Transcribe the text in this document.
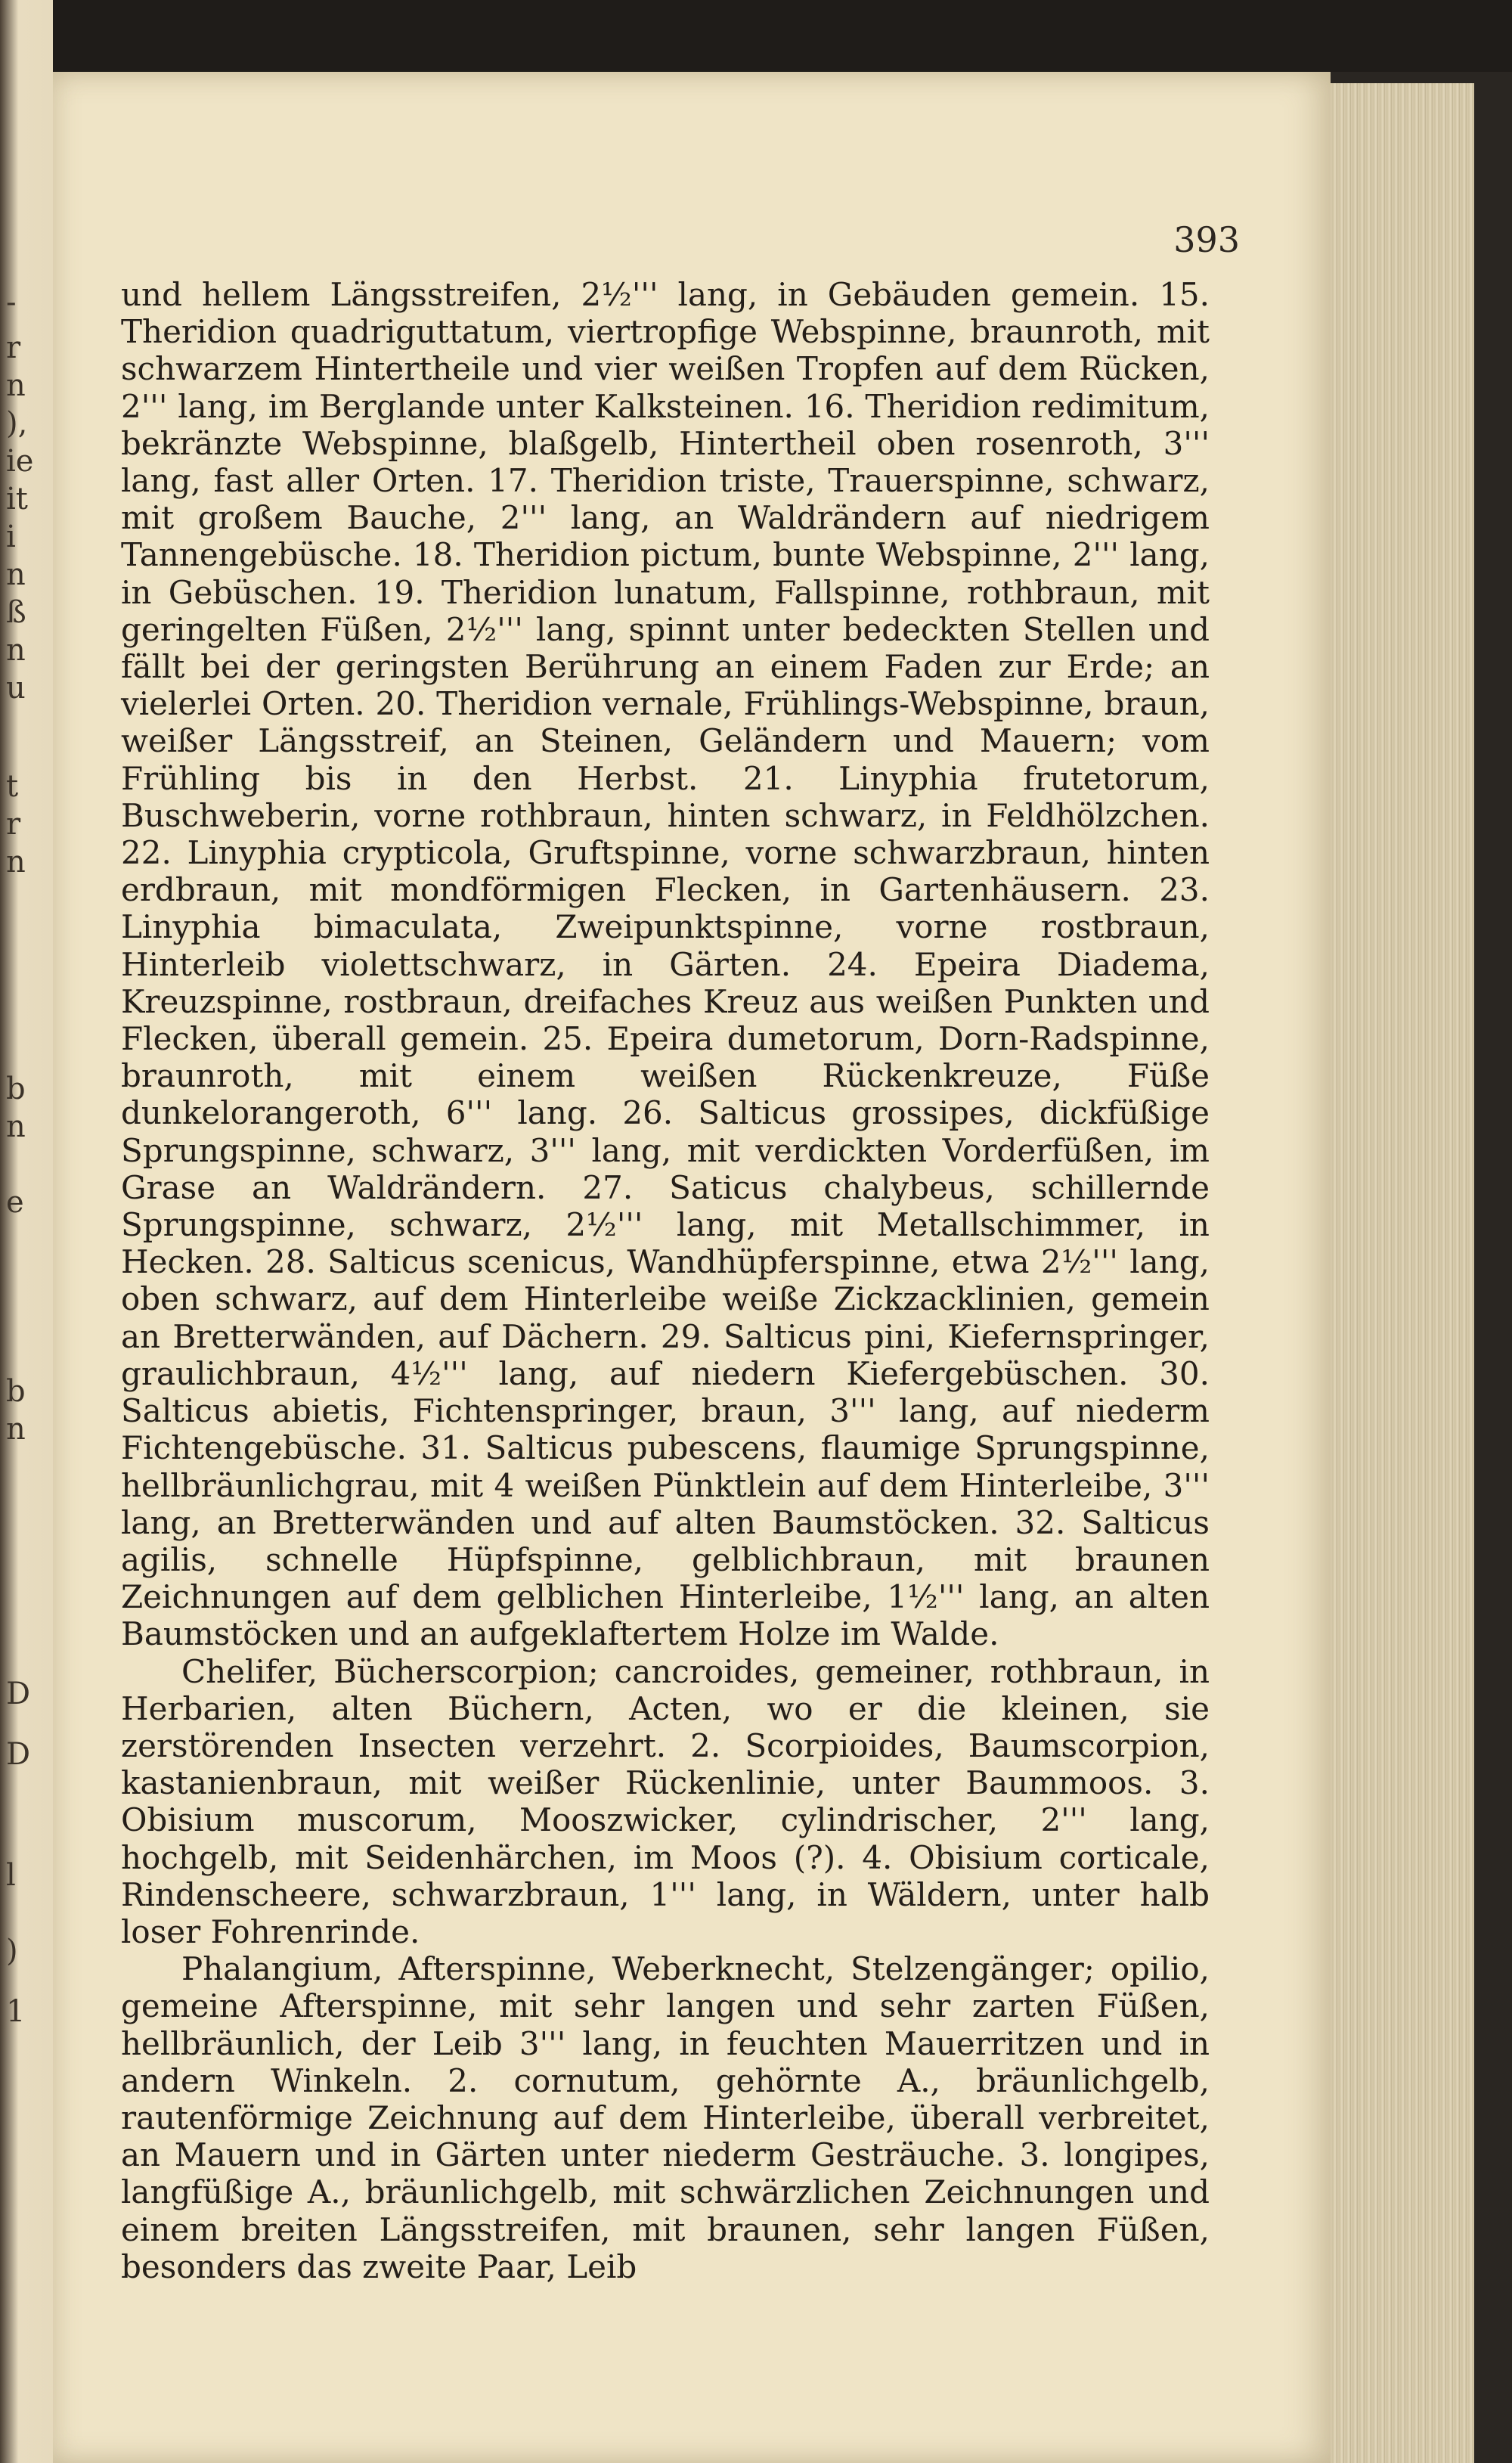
-
r
n
),
ie
it
i
n
ß
n
u
t
r
n
b
n
e
b
n
D
D
l
)
1
393

und hellem Längsstreifen, 2½''' lang, in Gebäuden gemein. 15. Theridion quadriguttatum, viertropfige Webspinne, braunroth, mit schwarzem Hintertheile und vier weißen Tropfen auf dem Rücken, 2''' lang, im Berglande unter Kalksteinen. 16. Theridion redimitum, bekränzte Webspinne, blaßgelb, Hintertheil oben rosenroth, 3''' lang, fast aller Orten. 17. Theridion triste, Trauerspinne, schwarz, mit großem Bauche, 2''' lang, an Waldrändern auf niedrigem Tannengebüsche. 18. Theridion pictum, bunte Webspinne, 2''' lang, in Gebüschen. 19. Theridion lunatum, Fallspinne, rothbraun, mit geringelten Füßen, 2½''' lang, spinnt unter bedeckten Stellen und fällt bei der geringsten Berührung an einem Faden zur Erde; an vielerlei Orten. 20. Theridion vernale, Frühlings-Webspinne, braun, weißer Längsstreif, an Steinen, Geländern und Mauern; vom Frühling bis in den Herbst. 21. Linyphia frutetorum, Buschweberin, vorne rothbraun, hinten schwarz, in Feldhölzchen. 22. Linyphia crypticola, Gruftspinne, vorne schwarzbraun, hinten erdbraun, mit mondförmigen Flecken, in Gartenhäusern. 23. Linyphia bimaculata, Zweipunktspinne, vorne rostbraun, Hinterleib violettschwarz, in Gärten. 24. Epeira Diadema, Kreuzspinne, rostbraun, dreifaches Kreuz aus weißen Punkten und Flecken, überall gemein. 25. Epeira dumetorum, Dorn-Radspinne, braunroth, mit einem weißen Rückenkreuze, Füße dunkelorangeroth, 6''' lang. 26. Salticus grossipes, dickfüßige Sprungspinne, schwarz, 3''' lang, mit verdickten Vorderfüßen, im Grase an Waldrändern. 27. Saticus chalybeus, schillernde Sprungspinne, schwarz, 2½''' lang, mit Metallschimmer, in Hecken. 28. Salticus scenicus, Wandhüpferspinne, etwa 2½''' lang, oben schwarz, auf dem Hinterleibe weiße Zickzacklinien, gemein an Bretterwänden, auf Dächern. 29. Salticus pini, Kiefernspringer, graulichbraun, 4½''' lang, auf niedern Kiefergebüschen. 30. Salticus abietis, Fichtenspringer, braun, 3''' lang, auf niederm Fichtengebüsche. 31. Salticus pubescens, flaumige Sprungspinne, hellbräunlichgrau, mit 4 weißen Pünktlein auf dem Hinterleibe, 3''' lang, an Bretterwänden und auf alten Baumstöcken. 32. Salticus agilis, schnelle Hüpfspinne, gelblichbraun, mit braunen Zeichnungen auf dem gelblichen Hinterleibe, 1½''' lang, an alten Baumstöcken und an aufgeklaftertem Holze im Walde.

Chelifer, Bücherscorpion; cancroides, gemeiner, rothbraun, in Herbarien, alten Büchern, Acten, wo er die kleinen, sie zerstörenden Insecten verzehrt. 2. Scorpioides, Baumscorpion, kastanienbraun, mit weißer Rückenlinie, unter Baummoos. 3. Obisium muscorum, Mooszwicker, cylindrischer, 2''' lang, hochgelb, mit Seidenhärchen, im Moos (?). 4. Obisium corticale, Rindenscheere, schwarzbraun, 1''' lang, in Wäldern, unter halb loser Fohrenrinde.

Phalangium, Afterspinne, Weberknecht, Stelzengänger; opilio, gemeine Afterspinne, mit sehr langen und sehr zarten Füßen, hellbräunlich, der Leib 3''' lang, in feuchten Mauerritzen und in andern Winkeln. 2. cornutum, gehörnte A., bräunlichgelb, rautenförmige Zeichnung auf dem Hinterleibe, überall verbreitet, an Mauern und in Gärten unter niederm Gesträuche. 3. longipes, langfüßige A., bräunlichgelb, mit schwärzlichen Zeichnungen und einem breiten Längsstreifen, mit braunen, sehr langen Füßen, besonders das zweite Paar, Leib
